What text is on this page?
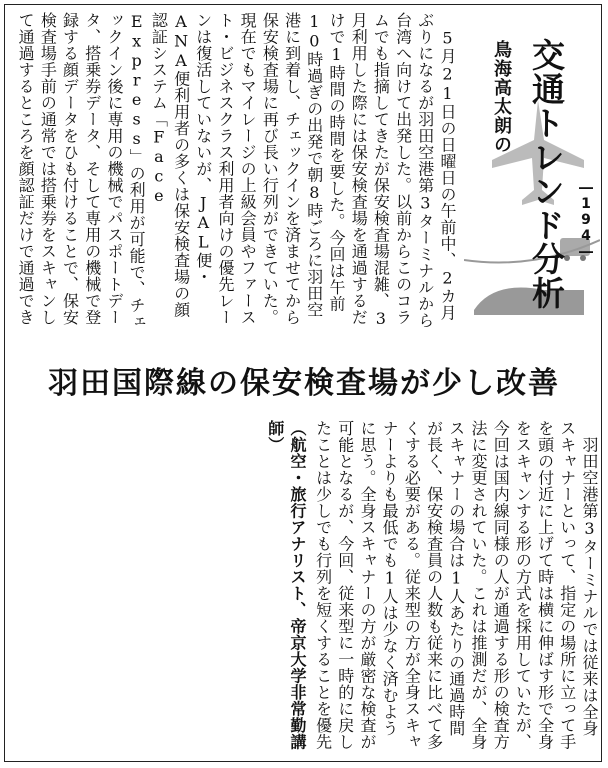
　5月21日の日曜日の午前中、2カ月ぶりになるが羽田空港第3ターミナルから台湾へ向けて出発した。以前からこのコラムでも指摘してきたが保安検査場混雑、3月利用した際には保安検査場を通過するだけで1時間の時間を要した。今回は午前10時過ぎの出発で朝8時ごろに羽田空港に到着し、チェックインを済ませてから保安検査場に再び長い行列ができていた。現在でもマイレージの上級会員やファースト・ビジネスクラス利用者向けの優先レーンは復活していないが、JAL便・ANA便利用者の多くは保安検査場の顔認証システム「Face Express」の利用が可能で、チェックイン後に専用の機械でパスポートデータ、搭乗券データ、そして専用の機械で登録する顔データをひも付けることで、保安検査場手前の通常では搭乗券をスキャンして通過するところを顔認証だけで通過でき
鳥海高太朗の 交通トレンド分析 ―194―
羽田国際線の保安検査場が少し改善
　羽田空港第3ターミナルでは従来は全身スキャナーといって、指定の場所に立って手を頭の付近に上げて時は横に伸ばす形で全身をスキャンする形の方式を採用していたが、今回は国内線同様の人が通過する形の検査方法に変更されていた。これは推測だが、全身スキャナーの場合は1人あたりの通過時間が長く、保安検査員の人数も従来に比べて多くする必要がある。従来型の方が全身スキャナーよりも最低でも1人は少なく済むように思う。全身スキャナーの方が厳密な検査が可能となるが、今回、従来型に一時的に戻したことは少しでも行列を短くすることを優先 　
（航空・旅行アナリスト、帝京大学非常勤講師）
